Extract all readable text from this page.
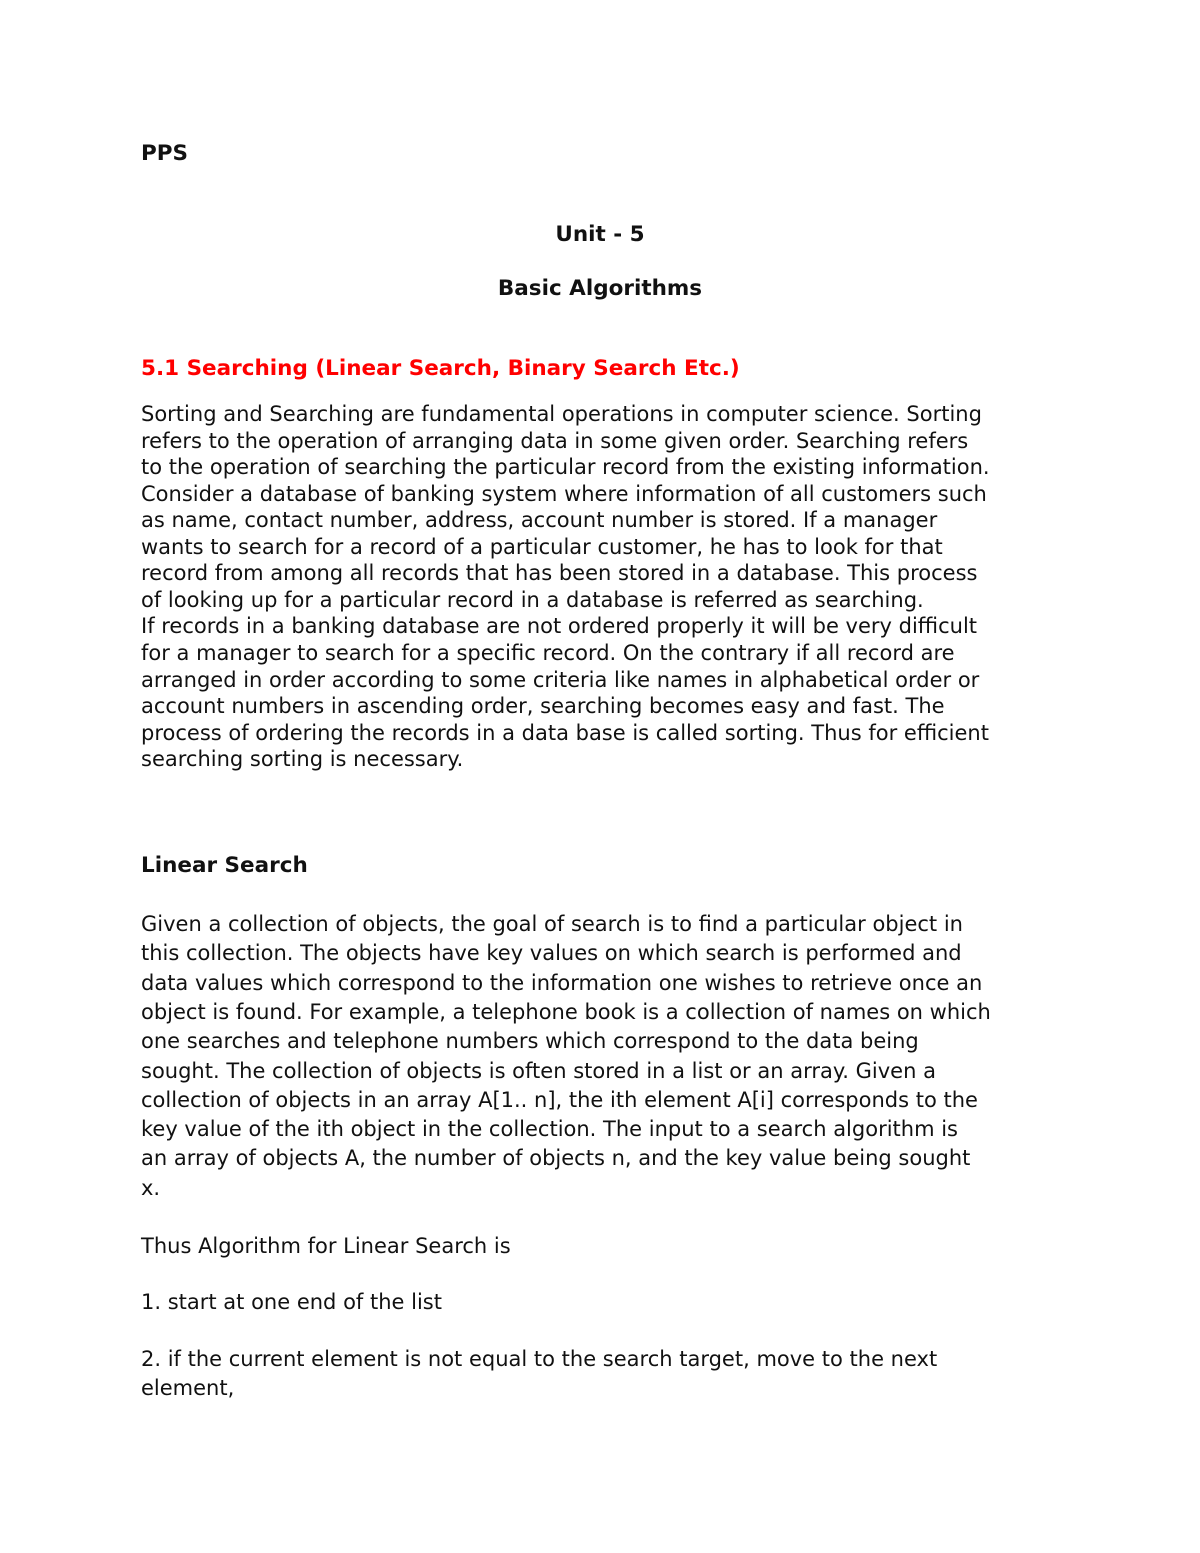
PPS
Unit - 5
Basic Algorithms
5.1 Searching (Linear Search, Binary Search Etc.)
Sorting and Searching are fundamental operations in computer science. Sorting
refers to the operation of arranging data in some given order. Searching refers
to the operation of searching the particular record from the existing information.
Consider a database of banking system where information of all customers such
as name, contact number, address, account number is stored. If a manager
wants to search for a record of a particular customer, he has to look for that
record from among all records that has been stored in a database. This process
of looking up for a particular record in a database is referred as searching.
If records in a banking database are not ordered properly it will be very difficult
for a manager to search for a specific record. On the contrary if all record are
arranged in order according to some criteria like names in alphabetical order or
account numbers in ascending order, searching becomes easy and fast. The
process of ordering the records in a data base is called sorting. Thus for efficient
searching sorting is necessary.
Linear Search
Given a collection of objects, the goal of search is to find a particular object in
this collection. The objects have key values on which search is performed and
data values which correspond to the information one wishes to retrieve once an
object is found. For example, a telephone book is a collection of names on which
one searches and telephone numbers which correspond to the data being
sought. The collection of objects is often stored in a list or an array. Given a
collection of objects in an array A[1.. n], the ith element A[i] corresponds to the
key value of the ith object in the collection. The input to a search algorithm is
an array of objects A, the number of objects n, and the key value being sought
x.
Thus Algorithm for Linear Search is
1. start at one end of the list
2. if the current element is not equal to the search target, move to the next
element,
